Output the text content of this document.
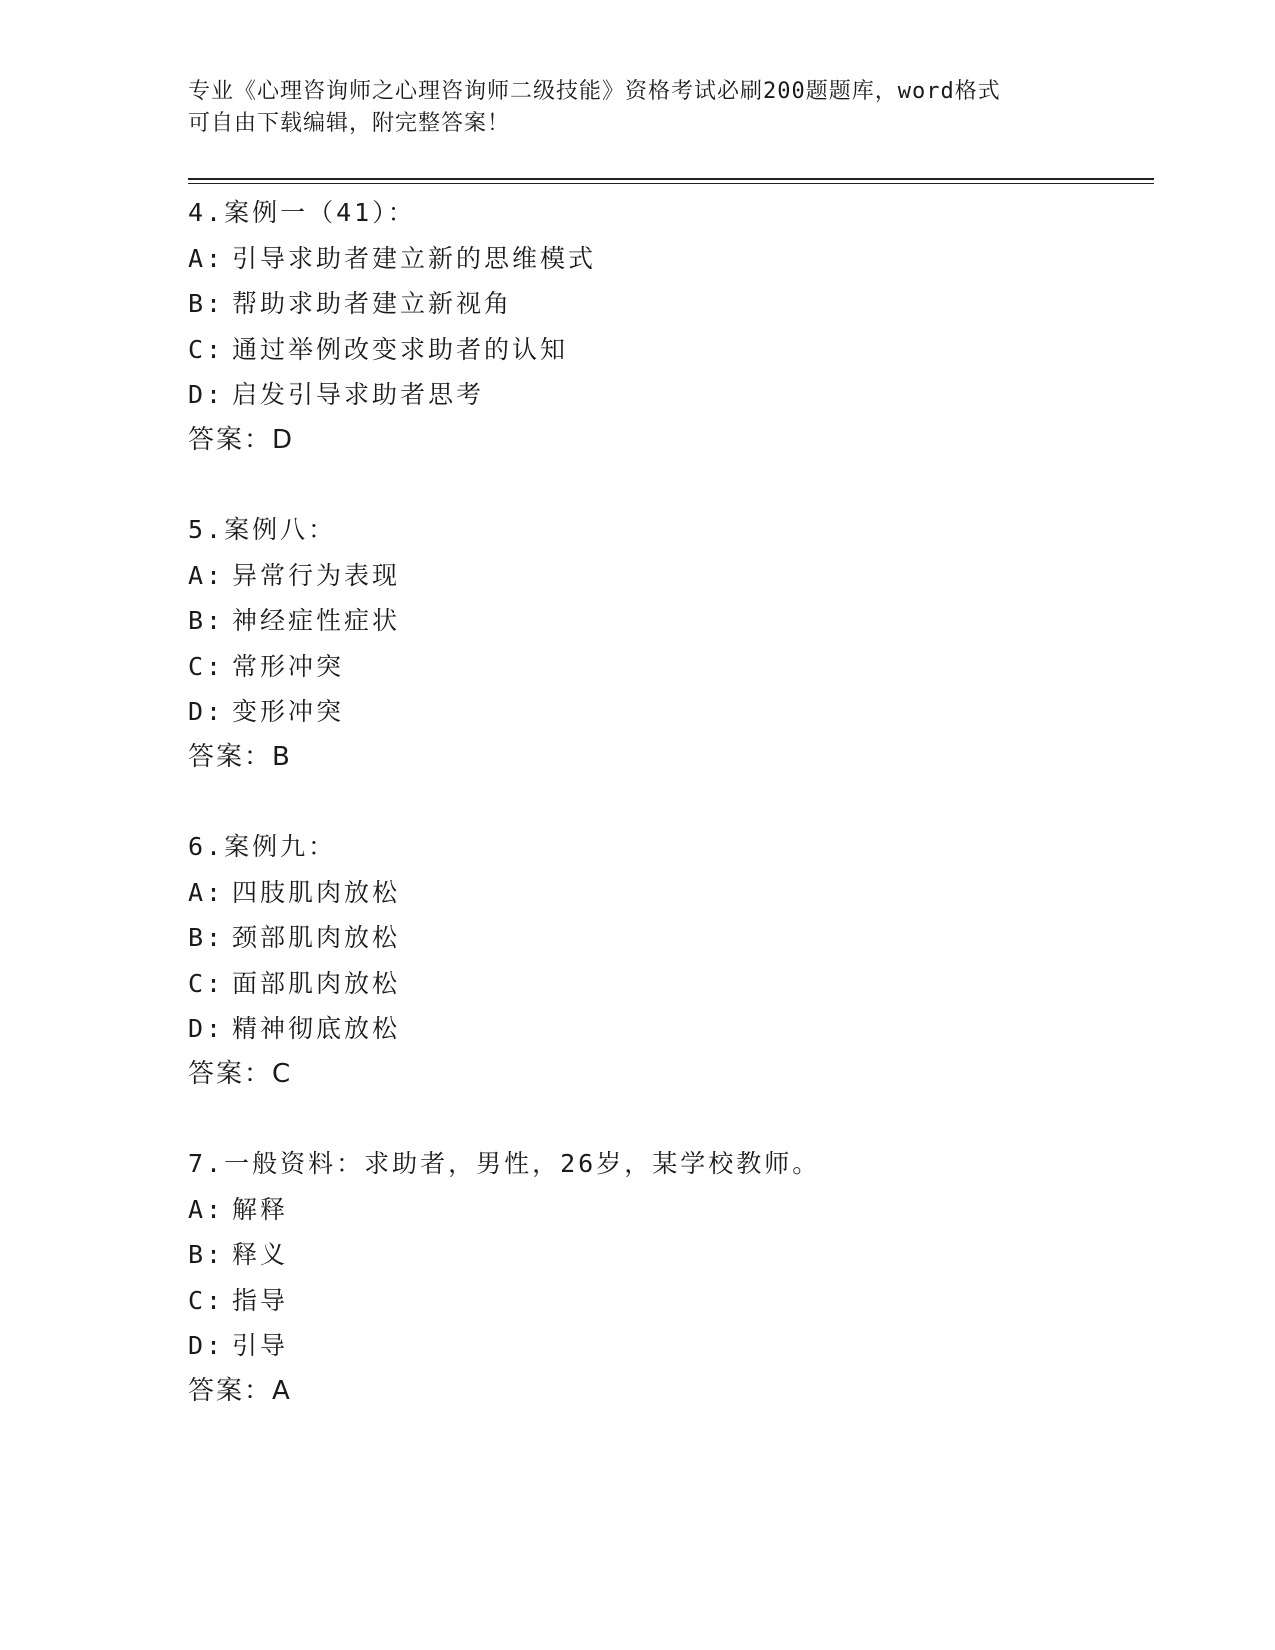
专业《心理咨询师之心理咨询师二级技能》资格考试必刷200题题库，word格式
可自由下载编辑，附完整答案！
4.案例一（41）：
A: 引导求助者建立新的思维模式
B: 帮助求助者建立新视角
C: 通过举例改变求助者的认知
D: 启发引导求助者思考
答案：D
5.案例八：
A: 异常行为表现
B: 神经症性症状
C: 常形冲突
D: 变形冲突
答案：B
6.案例九：
A: 四肢肌肉放松
B: 颈部肌肉放松
C: 面部肌肉放松
D: 精神彻底放松
答案：C
7.一般资料：求助者，男性，26岁，某学校教师。
A: 解释
B: 释义
C: 指导
D: 引导
答案：A
